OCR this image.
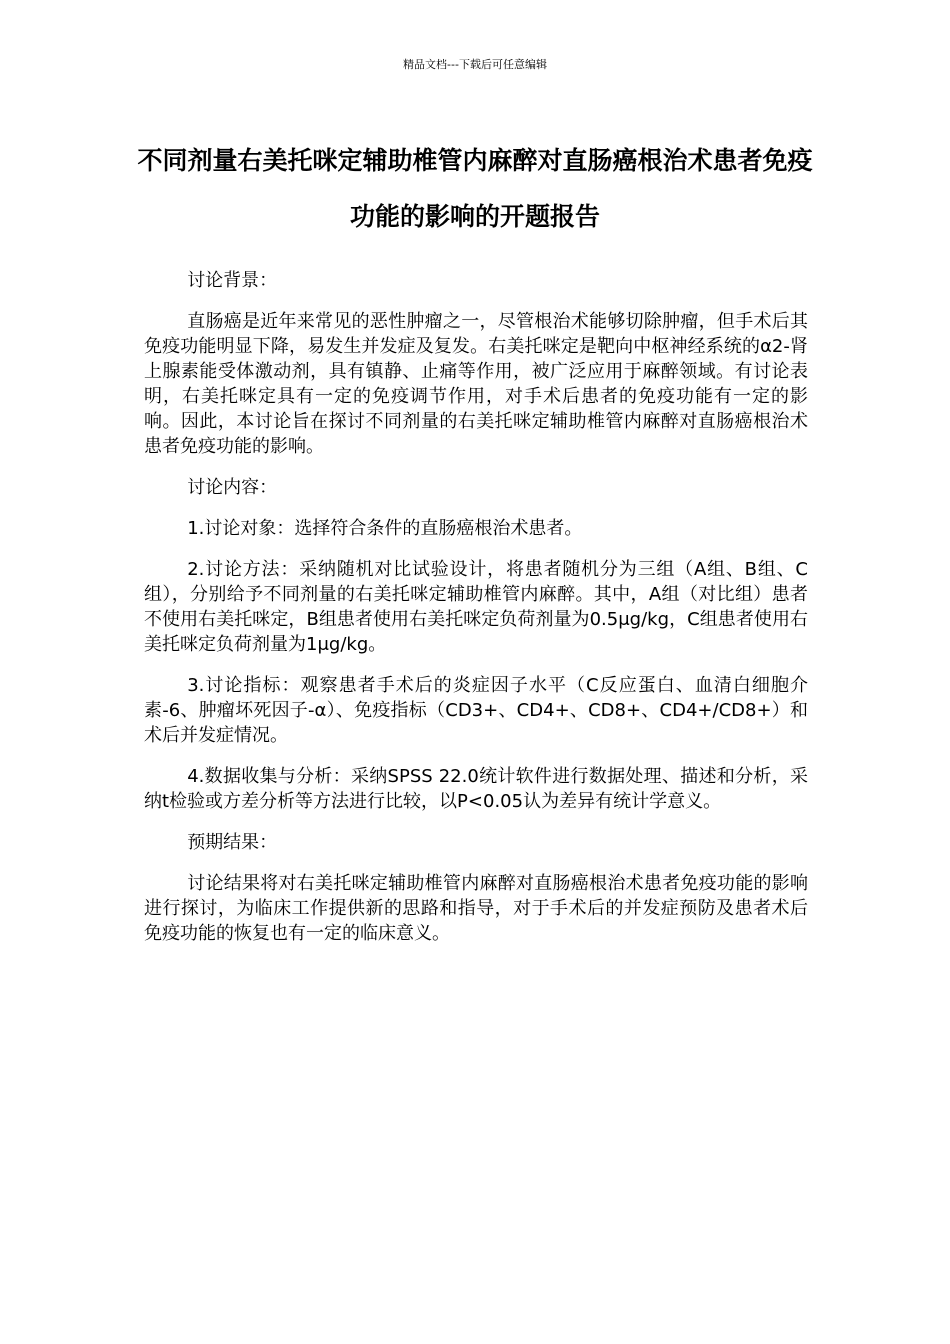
精品文档---下载后可任意编辑
不同剂量右美托咪定辅助椎管内麻醉对直肠癌根治术患者免疫功能的影响的开题报告

讨论背景：

直肠癌是近年来常见的恶性肿瘤之一，尽管根治术能够切除肿瘤，但手术后其免疫功能明显下降，易发生并发症及复发。右美托咪定是靶向中枢神经系统的α2-肾上腺素能受体激动剂，具有镇静、止痛等作用，被广泛应用于麻醉领域。有讨论表明，右美托咪定具有一定的免疫调节作用，对手术后患者的免疫功能有一定的影响。因此，本讨论旨在探讨不同剂量的右美托咪定辅助椎管内麻醉对直肠癌根治术患者免疫功能的影响。

讨论内容：

1.讨论对象：选择符合条件的直肠癌根治术患者。

2.讨论方法：采纳随机对比试验设计，将患者随机分为三组（A组、B组、C组），分别给予不同剂量的右美托咪定辅助椎管内麻醉。其中，A组（对比组）患者不使用右美托咪定，B组患者使用右美托咪定负荷剂量为0.5μg/kg，C组患者使用右美托咪定负荷剂量为1μg/kg。

3.讨论指标：观察患者手术后的炎症因子水平（C反应蛋白、血清白细胞介素-6、肿瘤坏死因子-α）、免疫指标（CD3+、CD4+、CD8+、CD4+/CD8+）和术后并发症情况。

4.数据收集与分析：采纳SPSS 22.0统计软件进行数据处理、描述和分析，采纳t检验或方差分析等方法进行比较，以P<0.05认为差异有统计学意义。

预期结果：

讨论结果将对右美托咪定辅助椎管内麻醉对直肠癌根治术患者免疫功能的影响进行探讨，为临床工作提供新的思路和指导，对于手术后的并发症预防及患者术后免疫功能的恢复也有一定的临床意义。
